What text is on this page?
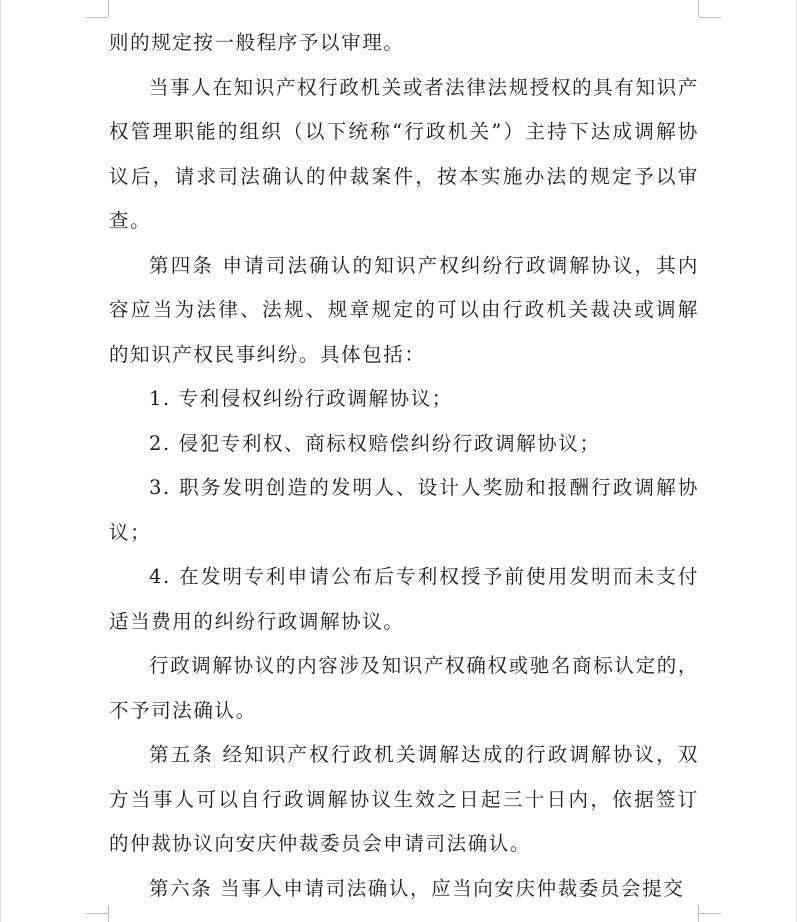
则的规定按一般程序予以审理。

当事人在知识产权行政机关或者法律法规授权的具有知识产权管理职能的组织（以下统称“行政机关”）主持下达成调解协议后，请求司法确认的仲裁案件，按本实施办法的规定予以审查。

第四条 申请司法确认的知识产权纠纷行政调解协议，其内容应当为法律、法规、规章规定的可以由行政机关裁决或调解的知识产权民事纠纷。具体包括：

1. 专利侵权纠纷行政调解协议；

2. 侵犯专利权、商标权赔偿纠纷行政调解协议；

3. 职务发明创造的发明人、设计人奖励和报酬行政调解协议；

4. 在发明专利申请公布后专利权授予前使用发明而未支付适当费用的纠纷行政调解协议。

行政调解协议的内容涉及知识产权确权或驰名商标认定的，不予司法确认。

第五条 经知识产权行政机关调解达成的行政调解协议，双方当事人可以自行政调解协议生效之日起三十日内，依据签订的仲裁协议向安庆仲裁委员会申请司法确认。

第六条 当事人申请司法确认，应当向安庆仲裁委员会提交
